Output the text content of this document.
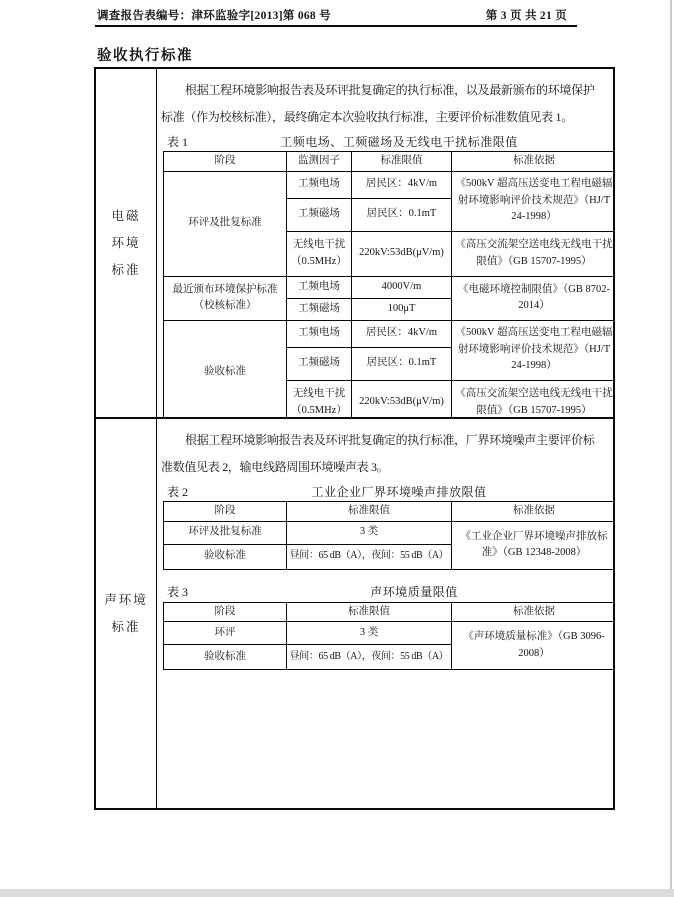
调查报告表编号：津环监验字[2013]第 068 号	第 3 页 共 21 页
验收执行标准
电磁
环境
标准
根据工程环境影响报告表及环评批复确定的执行标准，以及最新颁布的环境保护
标准（作为校核标准），最终确定本次验收执行标准，主要评价标准数值见表 1。
表 1	工频电场、工频磁场及无线电干扰标准限值
阶段	监测因子	标准限值	标准依据
环评及批复标准	工频电场	居民区：4kV/m	《500kV 超高压送变电工程电磁辐射环境影响评价技术规范》（HJ/T 24-1998）
	工频磁场	居民区：0.1mT	
	无线电干扰（0.5MHz）	220kV:53dB(μV/m)	《高压交流架空送电线无线电干扰限值》（GB 15707-1995）
最近颁布环境保护标准（校核标准）	工频电场	4000V/m	《电磁环境控制限值》（GB 8702-2014）
	工频磁场	100μT	
验收标准	工频电场	居民区：4kV/m	《500kV 超高压送变电工程电磁辐射环境影响评价技术规范》（HJ/T 24-1998）
	工频磁场	居民区：0.1mT	
	无线电干扰（0.5MHz）	220kV:53dB(μV/m)	《高压交流架空送电线无线电干扰限值》（GB 15707-1995）
声环境
标准
根据工程环境影响报告表及环评批复确定的执行标准，厂界环境噪声主要评价标
准数值见表 2，输电线路周围环境噪声表 3。
表 2	工业企业厂界环境噪声排放限值
阶段	标准限值	标准依据
环评及批复标准	3 类	《工业企业厂界环境噪声排放标准》（GB 12348-2008）
验收标准	昼间：65 dB（A），夜间：55 dB（A）	
表 3	声环境质量限值
阶段	标准限值	标准依据
环评	3 类	《声环境质量标准》（GB 3096-2008）
验收标准	昼间：65 dB（A），夜间：55 dB（A）	
